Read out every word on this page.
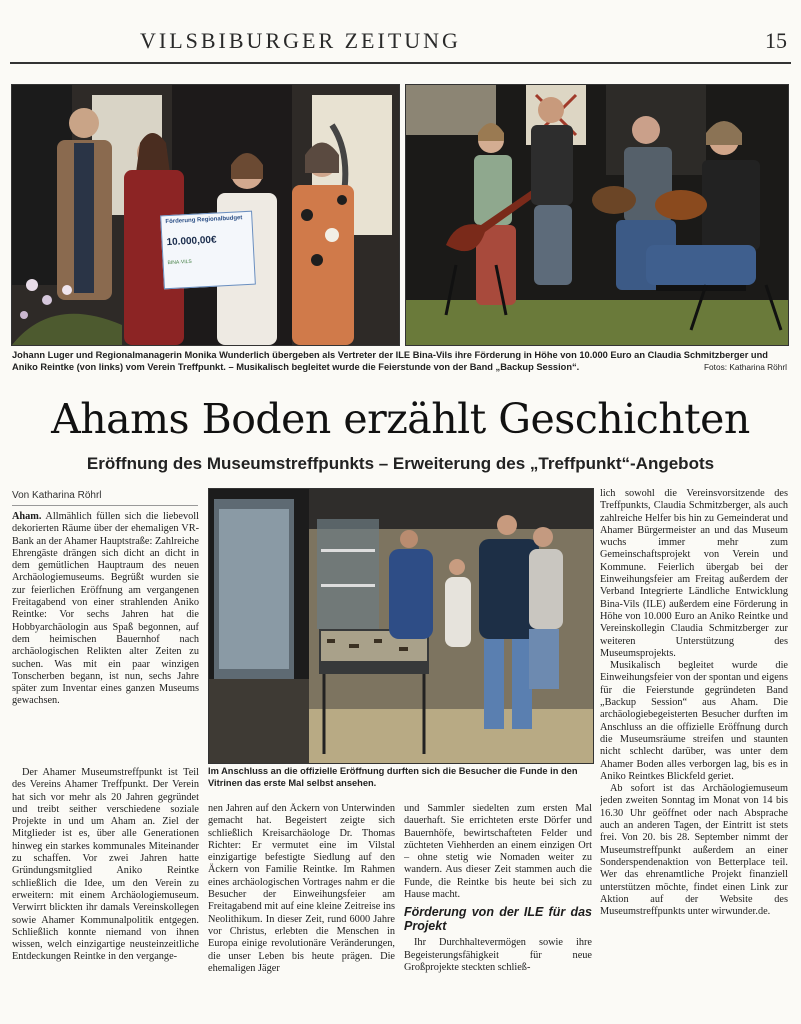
VILSBIBURGER ZEITUNG	15
Förderung Regionalbudget
10.000,00€
BINA·VILS
Johann Luger und Regionalmanagerin Monika Wunderlich übergeben als Vertreter der ILE Bina-Vils ihre Förderung in Höhe von 10.000 Euro an Claudia Schmitzberger und Aniko Reintke (von links) vom Verein Treffpunkt. – Musikalisch begleitet wurde die Feierstunde von der Band „Backup Session“.	Fotos: Katharina Röhrl
Ahams Boden erzählt Geschichten
Eröffnung des Museumstreffpunkts – Erweiterung des „Treffpunkt“-Angebots
Von Katharina Röhrl
Im Anschluss an die offizielle Eröffnung durften sich die Besucher die Funde in den Vitrinen das erste Mal selbst ansehen.

Aham. Allmählich füllen sich die liebevoll dekorierten Räume über der ehemaligen VR-Bank an der Ahamer Hauptstraße: Zahlreiche Ehrengäste drängen sich dicht an dicht in dem gemütlichen Hauptraum des neuen Archäologiemuseums. Begrüßt wurden sie zur feierlichen Eröffnung am vergangenen Freitagabend von einer strahlenden Aniko Reintke: Vor sechs Jahren hat die Hobbyarchäologin aus Spaß begonnen, auf dem heimischen Bauernhof nach archäologischen Relikten alter Zeiten zu suchen. Was mit ein paar winzigen Tonscherben begann, ist nun, sechs Jahre später zum Inventar eines ganzen Museums gewachsen.

Der Ahamer Museumstreffpunkt ist Teil des Vereins Ahamer Treffpunkt. Der Verein hat sich vor mehr als 20 Jahren gegründet und treibt seither verschiedene soziale Projekte in und um Aham an. Ziel der Mitglieder ist es, über alle Generationen hinweg ein starkes kommunales Miteinander zu schaffen. Vor zwei Jahren hatte Gründungsmitglied Aniko Reintke schließlich die Idee, um den Verein zu erweitern: mit einem Archäologiemuseum. Verwirrt blickten ihr damals Vereinskollegen sowie Ahamer Kommunalpolitik entgegen. Schließlich konnte niemand von ihnen wissen, welch einzigartige neusteinzeitliche Entdeckungen Reintke in den vergange-

nen Jahren auf den Äckern von Unterwinden gemacht hat. Begeistert zeigte sich schließlich Kreisarchäologe Dr. Thomas Richter: Er vermutet eine im Vilstal einzigartige befestigte Siedlung auf den Äckern von Familie Reintke. Im Rahmen eines archäologischen Vortrages nahm er die Besucher der Einweihungsfeier am Freitagabend mit auf eine kleine Zeitreise ins Neolithikum. In dieser Zeit, rund 6000 Jahre vor Christus, erlebten die Menschen in Europa einige revolutionäre Veränderungen, die unser Leben bis heute prägen. Die ehemaligen Jäger

und Sammler siedelten zum ersten Mal dauerhaft. Sie errichteten erste Dörfer und Bauernhöfe, bewirtschafteten Felder und züchteten Viehherden an einem einzigen Ort – ohne stetig wie Nomaden weiter zu wandern. Aus dieser Zeit stammen auch die Funde, die Reintke bis heute bei sich zu Hause macht.

Förderung von der ILE für das Projekt

Ihr Durchhaltevermögen sowie ihre Begeisterungsfähigkeit für neue Großprojekte steckten schließ-

lich sowohl die Vereinsvorsitzende des Treffpunkts, Claudia Schmitzberger, als auch zahlreiche Helfer bis hin zu Gemeinderat und Ahamer Bürgermeister an und das Museum wuchs immer mehr zum Gemeinschaftsprojekt von Verein und Kommune. Feierlich übergab bei der Einweihungsfeier am Freitag außerdem der Verband Integrierte Ländliche Entwicklung Bina-Vils (ILE) außerdem eine Förderung in Höhe von 10.000 Euro an Aniko Reintke und Vereinskollegin Claudia Schmitzberger zur weiteren Unterstützung des Museumsprojekts.

Musikalisch begleitet wurde die Einweihungsfeier von der spontan und eigens für die Feierstunde gegründeten Band „Backup Session“ aus Aham. Die archäologiebegeisterten Besucher durften im Anschluss an die offizielle Eröffnung durch die Museumsräume streifen und staunten nicht schlecht darüber, was unter dem Ahamer Boden alles verborgen lag, bis es in Aniko Reintkes Blickfeld geriet.

Ab sofort ist das Archäologiemuseum jeden zweiten Sonntag im Monat von 14 bis 16.30 Uhr geöffnet oder nach Absprache auch an anderen Tagen, der Eintritt ist stets frei. Von 20. bis 28. September nimmt der Museumstreffpunkt außerdem an einer Sonderspendenaktion von Betterplace teil. Wer das ehrenamtliche Projekt finanziell unterstützen möchte, findet einen Link zur Aktion auf der Website des Museumstreffpunkts unter wirwunder.de.
